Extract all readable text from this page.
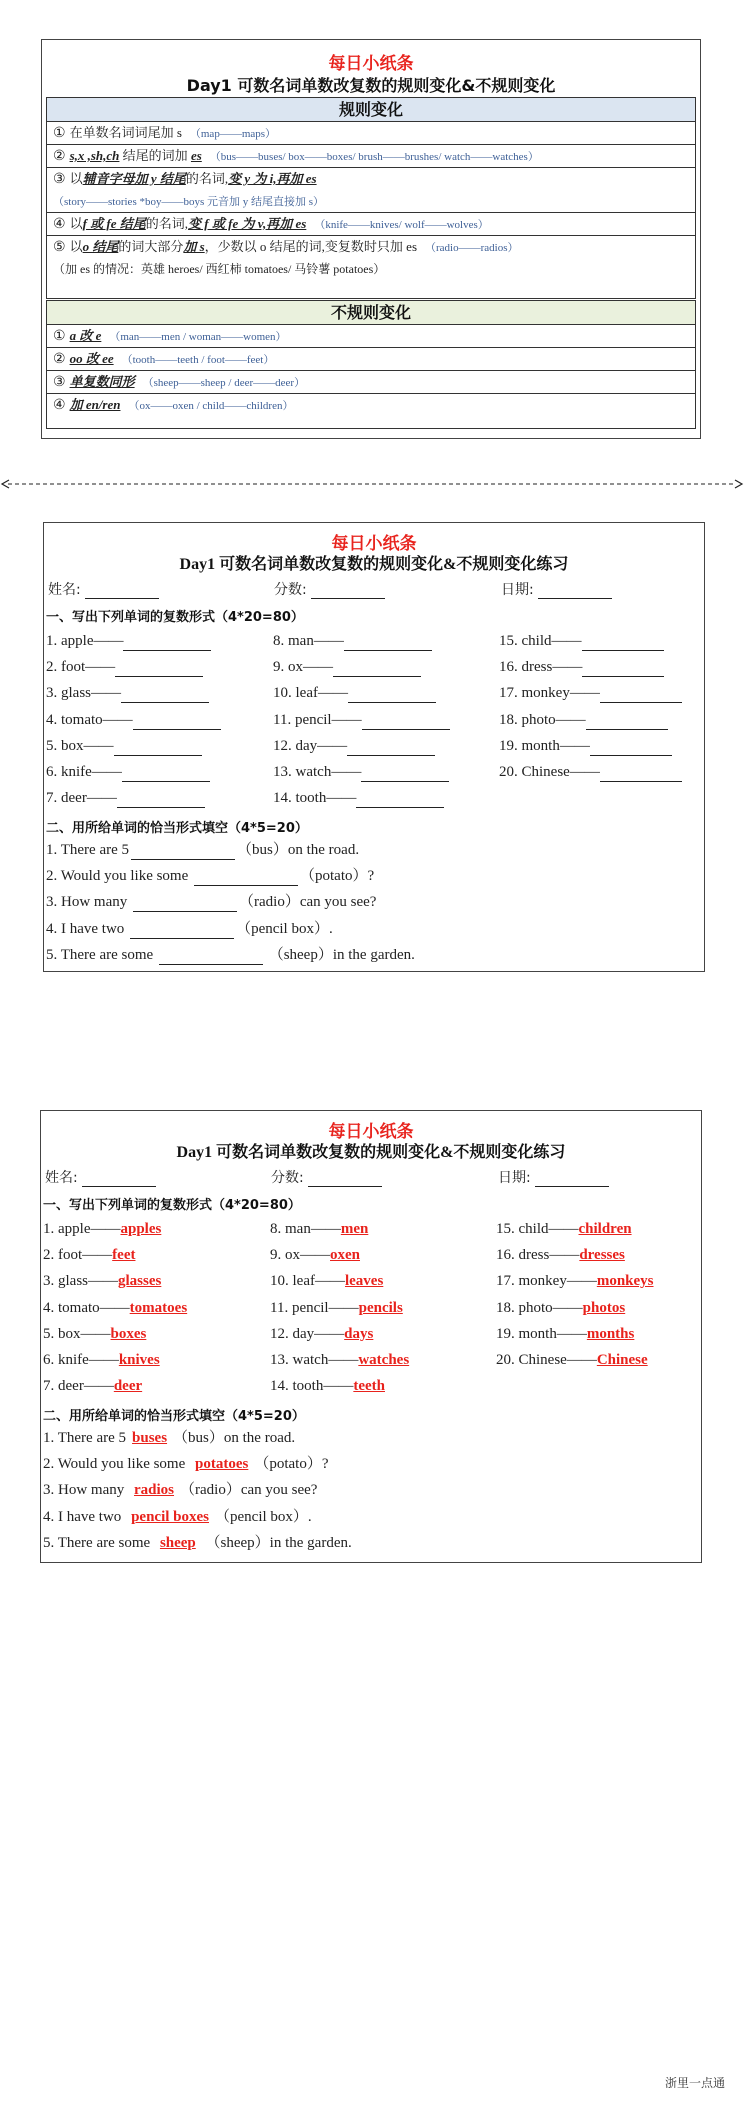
每日小纸条
Day1 可数名词单数改复数的规则变化&不规则变化
规则变化
① 在单数名词词尾加 s （map——maps）
② s,x ,sh,ch 结尾的词加 es （bus——buses/ box——boxes/ brush——brushes/ watch——watches）
③ 以辅音字母加 y 结尾的名词,变 y 为 i,再加 es
（story——stories *boy——boys 元音加 y 结尾直接加 s）
④ 以f 或 fe 结尾的名词,变 f 或 fe 为 v,再加 es （knife——knives/ wolf——wolves）
⑤ 以o 结尾的词大部分加 s，少数以 o 结尾的词,变复数时只加 es （radio——radios）
（加 es 的情况：英雄 heroes/ 西红柿 tomatoes/ 马铃薯 potatoes）
不规则变化
① a 改 e （man——men / woman——women）
② oo 改 ee （tooth——teeth / foot——feet）
③ 单复数同形 （sheep——sheep / deer——deer）
④ 加 en/ren （ox——oxen / child——children）
每日小纸条
Day1 可数名词单数改复数的规则变化&不规则变化练习
姓名:	分数:	日期:
一、写出下列单词的复数形式（4*20=80）
1. apple——
2. foot——
3. glass——
4. tomato——
5. box——
6. knife——
7. deer——
8. man——
9. ox——
10. leaf——
11. pencil——
12. day——
13. watch——
14. tooth——
15. child——
16. dress——
17. monkey——
18. photo——
19. month——
20. Chinese——
二、用所给单词的恰当形式填空（4*5=20）
1. There are 5	（bus）on the road.
2. Would you like some	（potato）?
3. How many	（radio）can you see?
4. I have two	（pencil box）.
5. There are some	（sheep）in the garden.
每日小纸条
Day1 可数名词单数改复数的规则变化&不规则变化练习
姓名:	分数:	日期:
一、写出下列单词的复数形式（4*20=80）
1. apple——apples
2. foot——feet
3. glass——glasses
4. tomato——tomatoes
5. box——boxes
6. knife——knives
7. deer——deer
8. man——men
9. ox——oxen
10. leaf——leaves
11. pencil——pencils
12. day——days
13. watch——watches
14. tooth——teeth
15. child——children
16. dress——dresses
17. monkey——monkeys
18. photo——photos
19. month——months
20. Chinese——Chinese
二、用所给单词的恰当形式填空（4*5=20）
1. There are 5 buses （bus）on the road.
2. Would you like some potatoes （potato）?
3. How many radios （radio）can you see?
4. I have two pencil boxes （pencil box）.
5. There are some sheep （sheep）in the garden.
浙里一点通
